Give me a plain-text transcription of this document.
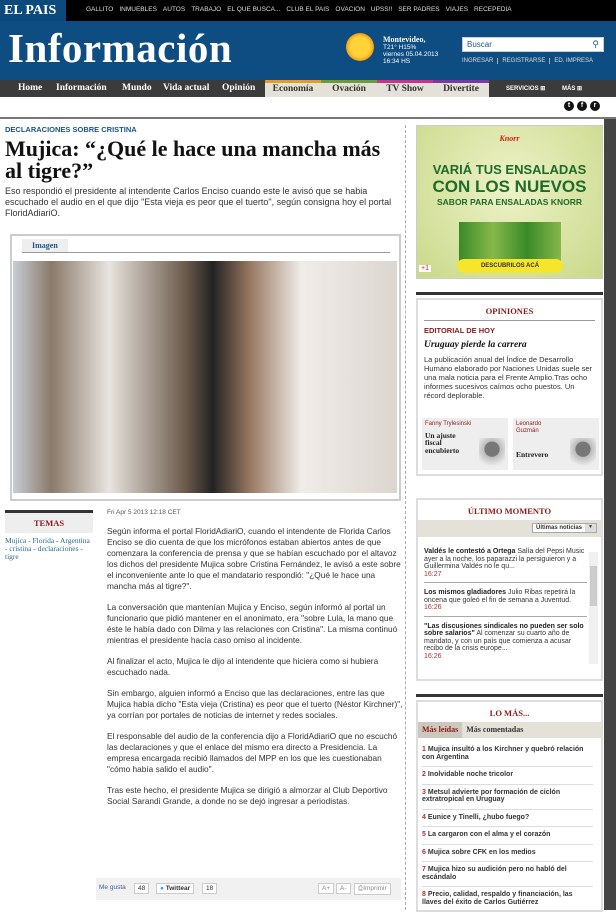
EL PAIS	GALLITO INMUEBLES AUTOS TRABAJO EL QUE BUSCA... CLUB EL PAIS OVACION UPSS!! SER PADRES VIAJES RECEPEDIA
Información	Montevideo,
T21° H15%
viernes 05.04.2013
16:34 HS
Buscar	⚲
INGRESAR	REGISTRARSE	ED. IMPRESA
Home Información Mundo Vida actual Opinión	Economía	Ovación	TV Show	Divertite	SERVICIOS ⊞	MÁS ⊞
t	f	r
DECLARACIONES SOBRE CRISTINA
Mujica: “¿Qué le hace una mancha más al tigre?”
Eso respondió el presidente al intendente Carlos Enciso cuando este le avisó que se habia escuchado el audio en el que dijo "Esta vieja es peor que el tuerto", según consigna hoy el portal FloridAdiariO.
Imagen
TEMAS
Mujica - Florida - Argentina - cristina - declaraciones - tigre
Fri Apr 5 2013 12:18 CET

Según informa el portal FloridAdiariO, cuando el intendente de Florida Carlos Enciso se dio cuenta de que los micrófonos estaban abiertos antes de que comenzara la conferencia de prensa y que se habían escuchado por el altavoz los dichos del presidente Mujica sobre Cristina Fernández, le avisó a este sobre el inconveniente ante lo que el mandatario respondió: "¿Qué le hace una mancha más al tigre?".

La conversación que mantenían Mujica y Enciso, según informó al portal un funcionario que pidió mantener en el anonimato, era "sobre Lula, la mano que éste le había dado con Dilma y las relaciones con Cristina". La misma continuó mientras el presidente hacía caso omiso al incidente.

Al finalizar el acto, Mujica le dijo al intendente que hiciera como si hubiera escuchado nada.

Sin embargo, alguien informó a Enciso que las declaraciones, entre las que Mujica había dicho "Esta vieja (Cristina) es peor que el tuerto (Néstor Kirchner)", ya corrían por portales de noticias de internet y redes sociales.

El responsable del audio de la conferencia dijo a FloridAdiariO que no escuchó las declaraciones y que el enlace del mismo era directo a Presidencia. La empresa encargada recibió llamados del MPP en los que les cuestionaban "cómo había salido el audio".

Tras este hecho, el presidente Mujica se dirigió a almorzar al Club Deportivo Social Sarandi Grande, a donde no se dejó ingresar a periodistas.

Me gusta	48	● Twittear	18	A+	A-	⎙Imprimir
Knorr
VARIÁ TUS ENSALADAS
CON LOS NUEVOS
SABOR PARA ENSALADAS KNORR
DESCUBRILOS ACÁ
+1
OPINIONES
EDITORIAL DE HOY
Uruguay pierde la carrera
La publicación anual del Índice de Desarrollo Humano elaborado por Naciones Unidas suele ser una mala noticia para el Frente Amplio.Tras ocho informes sucesivos caímos ocho puestos. Un récord deplorable.
Fanny Trylesinski
Un ajuste fiscal encubierto
Leonardo Guzmán
Entrevero
ÚLTIMO MOMENTO
Últimas noticias	▼
Valdés le contestó a Ortega Salía del Pepsi Music ayer a la noche, los paparazzi la persiguieron y a Guillermina Valdés no le qu...
16:27
Los mismos gladiadores Julio Ribas repetirá la oncena que goleó el fin de semana a Juventud.
16:26
"Las discusiones sindicales no pueden ser solo sobre salarios" Al comenzar su cuarto año de mandato, y con un país que comienza a acusar recibo de la crisis europe...
16:26
LO MÁS...
Más leídas	Más comentadas
1 Mujica insultó a los Kirchner y quebró relación con Argentina
2 Inolvidable noche tricolor
3 Metsul advierte por formación de ciclón extratropical en Uruguay
4 Eunice y Tinelli, ¿hubo fuego?
5 La cargaron con el alma y el corazón
6 Mujica sobre CFK en los medios
7 Mujica hizo su audición pero no habló del escándalo
8 Precio, calidad, respaldo y financiación, las llaves del éxito de Carlos Gutiérrez
